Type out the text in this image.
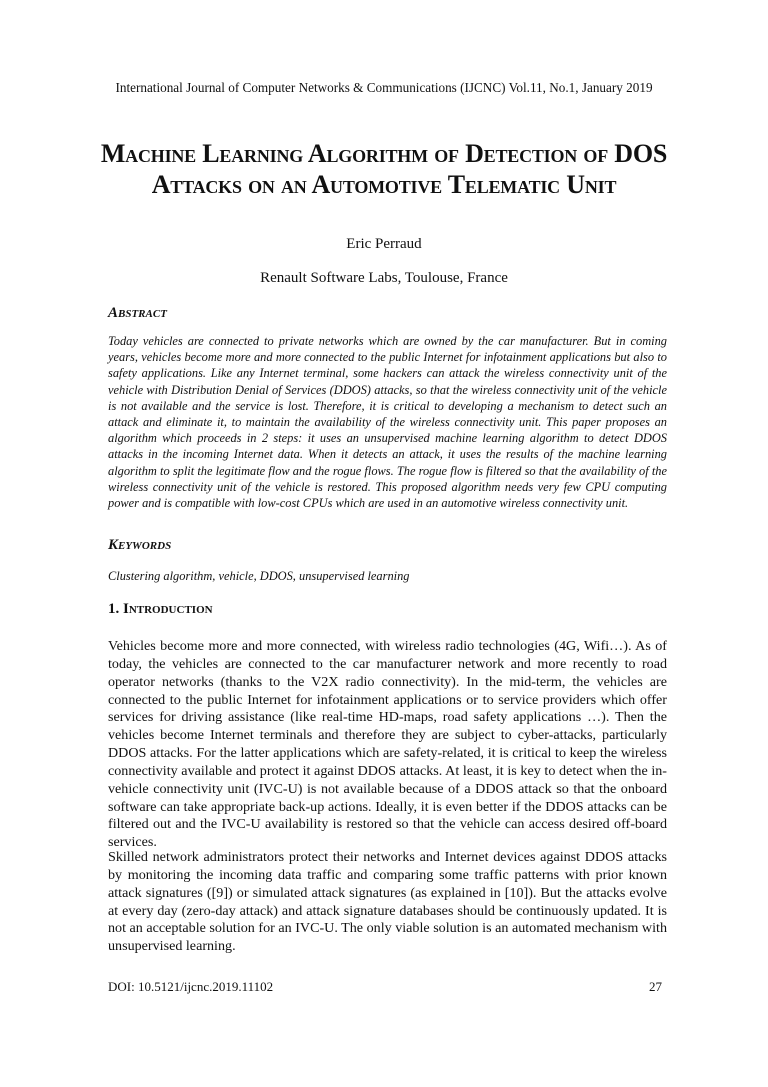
International Journal of Computer Networks & Communications (IJCNC) Vol.11, No.1, January 2019
Machine Learning Algorithm of Detection of DOS Attacks on an Automotive Telematic Unit
Eric Perraud
Renault Software Labs, Toulouse, France
Abstract

Today vehicles are connected to private networks which are owned by the car manufacturer. But in coming years, vehicles become more and more connected to the public Internet for infotainment applications but also to safety applications. Like any Internet terminal, some hackers can attack the wireless connectivity unit of the vehicle with Distribution Denial of Services (DDOS) attacks, so that the wireless connectivity unit of the vehicle is not available and the service is lost. Therefore, it is critical to developing a mechanism to detect such an attack and eliminate it, to maintain the availability of the wireless connectivity unit. This paper proposes an algorithm which proceeds in 2 steps: it uses an unsupervised machine learning algorithm to detect DDOS attacks in the incoming Internet data. When it detects an attack, it uses the results of the machine learning algorithm to split the legitimate flow and the rogue flows. The rogue flow is filtered so that the availability of the wireless connectivity unit of the vehicle is restored. This proposed algorithm needs very few CPU computing power and is compatible with low-cost CPUs which are used in an automotive wireless connectivity unit.

Keywords

Clustering algorithm, vehicle, DDOS, unsupervised learning

1. Introduction

Vehicles become more and more connected, with wireless radio technologies (4G, Wifi…). As of today, the vehicles are connected to the car manufacturer network and more recently to road operator networks (thanks to the V2X radio connectivity). In the mid-term, the vehicles are connected to the public Internet for infotainment applications or to service providers which offer services for driving assistance (like real-time HD-maps, road safety applications …). Then the vehicles become Internet terminals and therefore they are subject to cyber-attacks, particularly DDOS attacks. For the latter applications which are safety-related, it is critical to keep the wireless connectivity available and protect it against DDOS attacks. At least, it is key to detect when the in-vehicle connectivity unit (IVC-U) is not available because of a DDOS attack so that the onboard software can take appropriate back-up actions. Ideally, it is even better if the DDOS attacks can be filtered out and the IVC-U availability is restored so that the vehicle can access desired off-board services.

Skilled network administrators protect their networks and Internet devices against DDOS attacks by monitoring the incoming data traffic and comparing some traffic patterns with prior known attack signatures ([9]) or simulated attack signatures (as explained in [10]). But the attacks evolve at every day (zero-day attack) and attack signature databases should be continuously updated. It is not an acceptable solution for an IVC-U. The only viable solution is an automated mechanism with unsupervised learning.

DOI: 10.5121/ijcnc.2019.11102	27
